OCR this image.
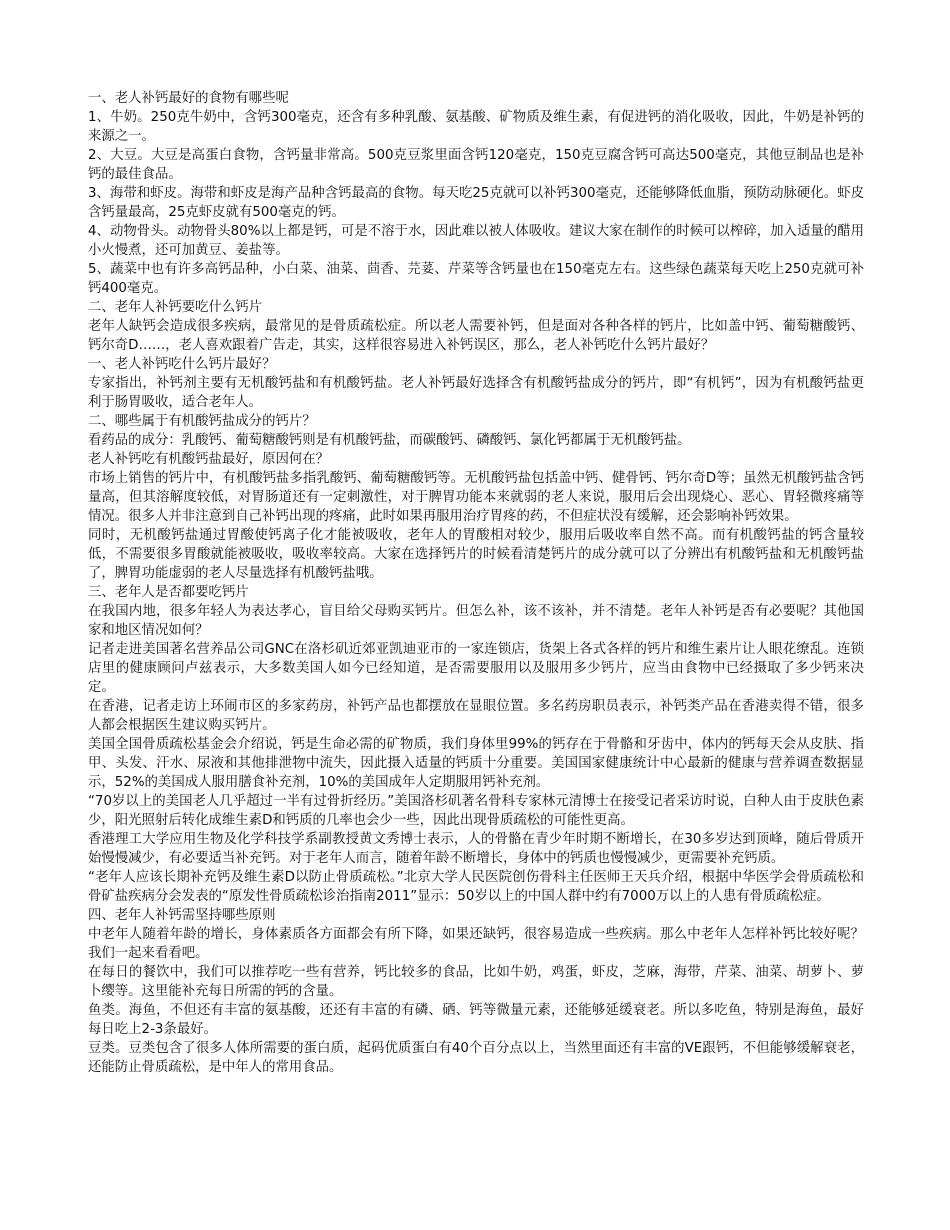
一、老人补钙最好的食物有哪些呢

1、牛奶。250克牛奶中，含钙300毫克，还含有多种乳酸、氨基酸、矿物质及维生素，有促进钙的消化吸收，因此，牛奶是补钙的来源之一。

2、大豆。大豆是高蛋白食物，含钙量非常高。500克豆浆里面含钙120毫克，150克豆腐含钙可高达500毫克，其他豆制品也是补钙的最佳食品。

3、海带和虾皮。海带和虾皮是海产品种含钙最高的食物。每天吃25克就可以补钙300毫克，还能够降低血脂，预防动脉硬化。虾皮含钙量最高，25克虾皮就有500毫克的钙。

4、动物骨头。动物骨头80%以上都是钙，可是不溶于水，因此难以被人体吸收。建议大家在制作的时候可以榨碎，加入适量的醋用小火慢煮，还可加黄豆、姜盐等。

5、蔬菜中也有许多高钙品种，小白菜、油菜、茴香、芫荽、芹菜等含钙量也在150毫克左右。这些绿色蔬菜每天吃上250克就可补钙400毫克。

二、老年人补钙要吃什么钙片

老年人缺钙会造成很多疾病，最常见的是骨质疏松症。所以老人需要补钙，但是面对各种各样的钙片，比如盖中钙、葡萄糖酸钙、钙尔奇D……，老人喜欢跟着广告走，其实，这样很容易进入补钙误区，那么，老人补钙吃什么钙片最好？

一、老人补钙吃什么钙片最好？

专家指出，补钙剂主要有无机酸钙盐和有机酸钙盐。老人补钙最好选择含有机酸钙盐成分的钙片，即“有机钙”，因为有机酸钙盐更利于肠胃吸收，适合老年人。

二、哪些属于有机酸钙盐成分的钙片？

看药品的成分：乳酸钙、葡萄糖酸钙则是有机酸钙盐，而碳酸钙、磷酸钙、氯化钙都属于无机酸钙盐。

老人补钙吃有机酸钙盐最好，原因何在？

市场上销售的钙片中，有机酸钙盐多指乳酸钙、葡萄糖酸钙等。无机酸钙盐包括盖中钙、健骨钙、钙尔奇D等；虽然无机酸钙盐含钙量高，但其溶解度较低，对胃肠道还有一定刺激性，对于脾胃功能本来就弱的老人来说，服用后会出现烧心、恶心、胃轻微疼痛等情况。很多人并非注意到自己补钙出现的疼痛，此时如果再服用治疗胃疼的药，不但症状没有缓解，还会影响补钙效果。

同时，无机酸钙盐通过胃酸使钙离子化才能被吸收，老年人的胃酸相对较少，服用后吸收率自然不高。而有机酸钙盐的钙含量较低，不需要很多胃酸就能被吸收，吸收率较高。大家在选择钙片的时候看清楚钙片的成分就可以了分辨出有机酸钙盐和无机酸钙盐了，脾胃功能虚弱的老人尽量选择有机酸钙盐哦。

三、老年人是否都要吃钙片

在我国内地，很多年轻人为表达孝心，盲目给父母购买钙片。但怎么补，该不该补，并不清楚。老年人补钙是否有必要呢？其他国家和地区情况如何？

记者走进美国著名营养品公司GNC在洛杉矶近郊亚凯迪亚市的一家连锁店，货架上各式各样的钙片和维生素片让人眼花缭乱。连锁店里的健康顾问卢兹表示，大多数美国人如今已经知道，是否需要服用以及服用多少钙片，应当由食物中已经摄取了多少钙来决定。

在香港，记者走访上环闹市区的多家药房，补钙产品也都摆放在显眼位置。多名药房职员表示，补钙类产品在香港卖得不错，很多人都会根据医生建议购买钙片。

美国全国骨质疏松基金会介绍说，钙是生命必需的矿物质，我们身体里99%的钙存在于骨骼和牙齿中，体内的钙每天会从皮肤、指甲、头发、汗水、尿液和其他排泄物中流失，因此摄入适量的钙质十分重要。美国国家健康统计中心最新的健康与营养调查数据显示，52%的美国成人服用膳食补充剂，10%的美国成年人定期服用钙补充剂。

“70岁以上的美国老人几乎超过一半有过骨折经历。”美国洛杉矶著名骨科专家林元清博士在接受记者采访时说，白种人由于皮肤色素少，阳光照射后转化成维生素D和钙质的几率也会少一些，因此出现骨质疏松的可能性更高。

香港理工大学应用生物及化学科技学系副教授黄文秀博士表示，人的骨骼在青少年时期不断增长，在30多岁达到顶峰，随后骨质开始慢慢减少，有必要适当补充钙。对于老年人而言，随着年龄不断增长，身体中的钙质也慢慢减少，更需要补充钙质。

“老年人应该长期补充钙及维生素D以防止骨质疏松。”北京大学人民医院创伤骨科主任医师王天兵介绍，根据中华医学会骨质疏松和骨矿盐疾病分会发表的“原发性骨质疏松诊治指南2011”显示：50岁以上的中国人群中约有7000万以上的人患有骨质疏松症。

四、老年人补钙需坚持哪些原则

中老年人随着年龄的增长，身体素质各方面都会有所下降，如果还缺钙，很容易造成一些疾病。那么中老年人怎样补钙比较好呢？我们一起来看看吧。

在每日的餐饮中，我们可以推荐吃一些有营养，钙比较多的食品，比如牛奶，鸡蛋，虾皮，芝麻，海带，芹菜、油菜、胡萝卜、萝卜缨等。这里能补充每日所需的钙的含量。

鱼类。海鱼，不但还有丰富的氨基酸，还还有丰富的有磷、硒、钙等微量元素，还能够延缓衰老。所以多吃鱼，特别是海鱼，最好每日吃上2-3条最好。

豆类。豆类包含了很多人体所需要的蛋白质，起码优质蛋白有40个百分点以上，当然里面还有丰富的VE跟钙，不但能够缓解衰老，还能防止骨质疏松，是中年人的常用食品。
